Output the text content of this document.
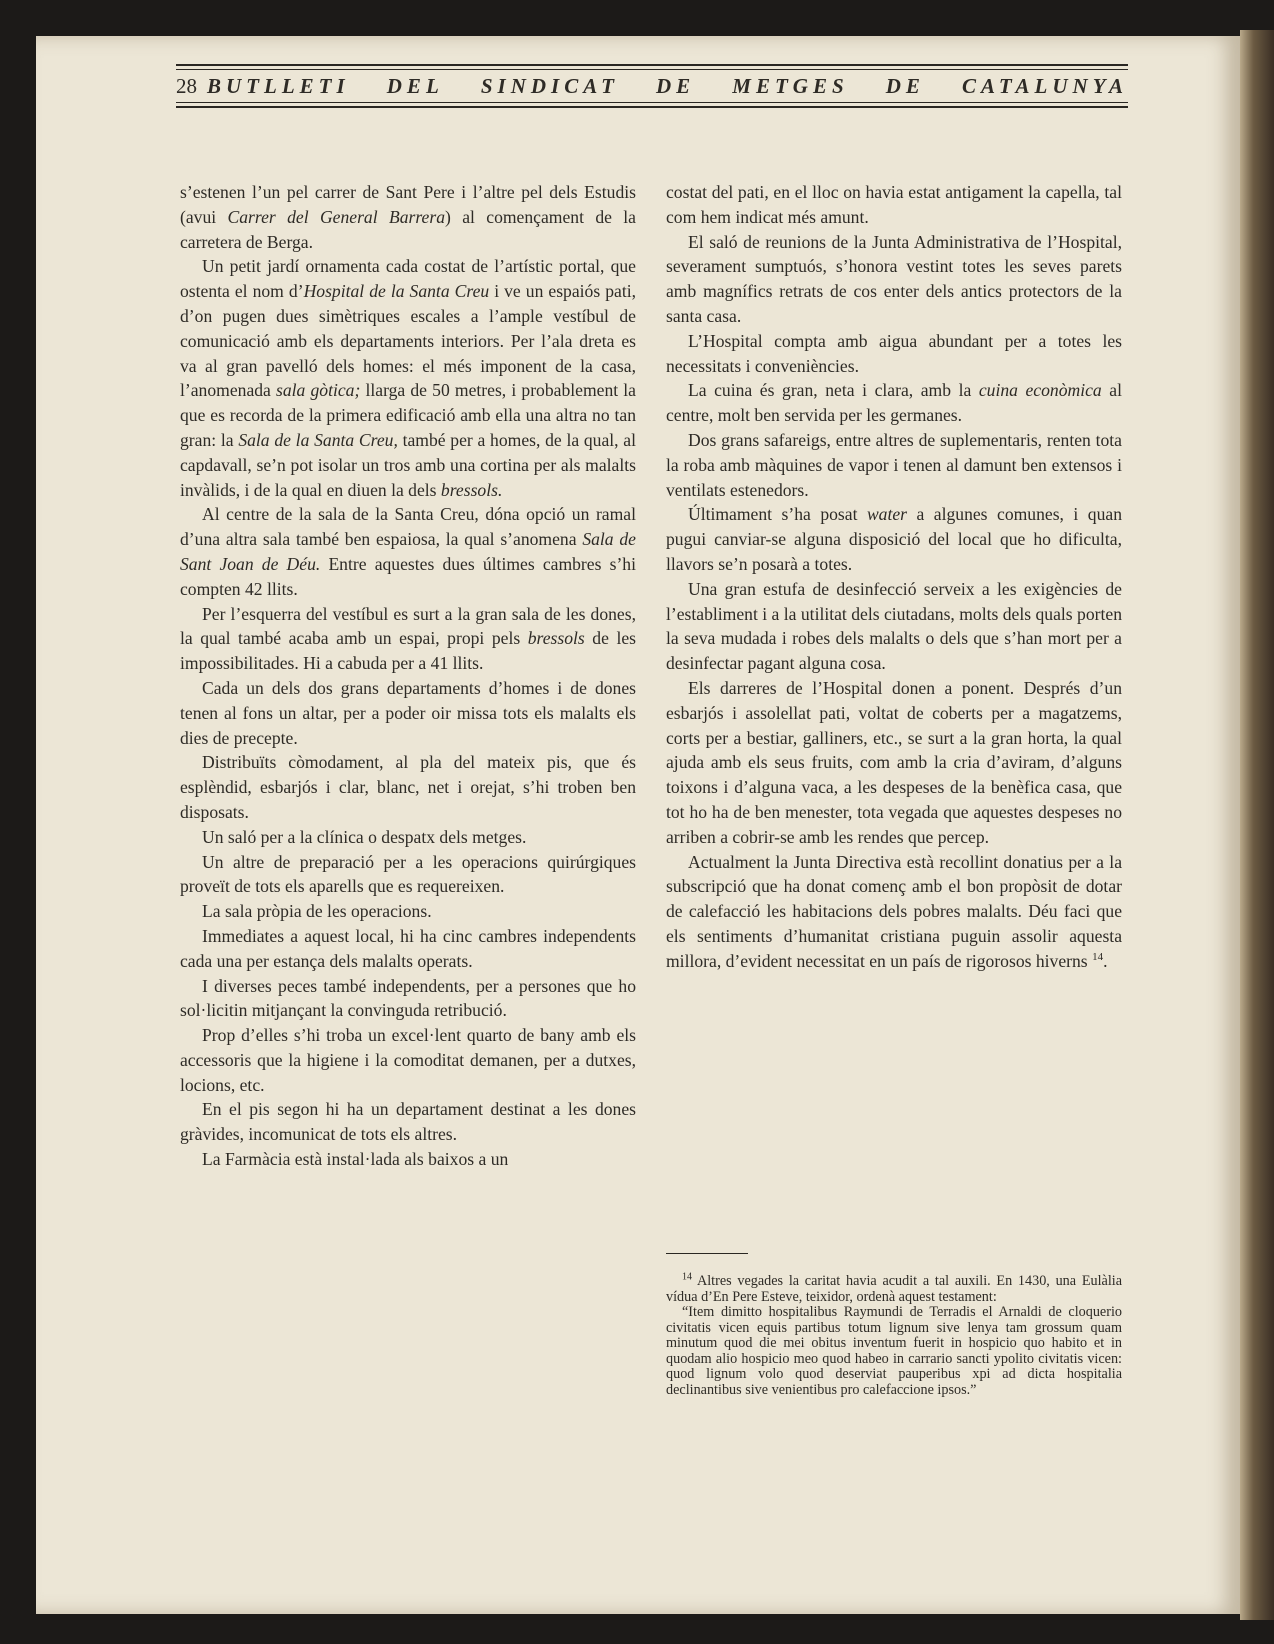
28 BUTLLETI DEL SINDICAT DE METGES DE CATALUNYA

s’estenen l’un pel carrer de Sant Pere i l’altre pel dels Estudis (avui Carrer del General Barrera) al començament de la carretera de Berga.

Un petit jardí ornamenta cada costat de l’artístic portal, que ostenta el nom d’Hospital de la Santa Creu i ve un espaiós pati, d’on pugen dues simètriques escales a l’ample vestíbul de comunicació amb els departaments interiors. Per l’ala dreta es va al gran pavelló dels homes: el més imponent de la casa, l’anomenada sala gòtica; llarga de 50 metres, i probablement la que es recorda de la primera edificació amb ella una altra no tan gran: la Sala de la Santa Creu, també per a homes, de la qual, al capdavall, se’n pot isolar un tros amb una cortina per als malalts invàlids, i de la qual en diuen la dels bressols.

Al centre de la sala de la Santa Creu, dóna opció un ramal d’una altra sala també ben espaiosa, la qual s’anomena Sala de Sant Joan de Déu. Entre aquestes dues últimes cambres s’hi compten 42 llits.

Per l’esquerra del vestíbul es surt a la gran sala de les dones, la qual també acaba amb un espai, propi pels bressols de les impossibilitades. Hi a cabuda per a 41 llits.

Cada un dels dos grans departaments d’homes i de dones tenen al fons un altar, per a poder oir missa tots els malalts els dies de precepte.

Distribuïts còmodament, al pla del mateix pis, que és esplèndid, esbarjós i clar, blanc, net i orejat, s’hi troben ben disposats.

Un saló per a la clínica o despatx dels metges.

Un altre de preparació per a les operacions quirúrgiques proveït de tots els aparells que es requereixen.

La sala pròpia de les operacions.

Immediates a aquest local, hi ha cinc cambres independents cada una per estança dels malalts operats.

I diverses peces també independents, per a persones que ho sol·licitin mitjançant la convinguda retribució.

Prop d’elles s’hi troba un excel·lent quarto de bany amb els accessoris que la higiene i la comoditat demanen, per a dutxes, locions, etc.

En el pis segon hi ha un departament destinat a les dones gràvides, incomunicat de tots els altres.

La Farmàcia està instal·lada als baixos a un

costat del pati, en el lloc on havia estat antigament la capella, tal com hem indicat més amunt.

El saló de reunions de la Junta Administrativa de l’Hospital, severament sumptuós, s’honora vestint totes les seves parets amb magnífics retrats de cos enter dels antics protectors de la santa casa.

L’Hospital compta amb aigua abundant per a totes les necessitats i conveniències.

La cuina és gran, neta i clara, amb la cuina econòmica al centre, molt ben servida per les germanes.

Dos grans safareigs, entre altres de suplementaris, renten tota la roba amb màquines de vapor i tenen al damunt ben extensos i ventilats estenedors.

Últimament s’ha posat water a algunes comunes, i quan pugui canviar-se alguna disposició del local que ho dificulta, llavors se’n posarà a totes.

Una gran estufa de desinfecció serveix a les exigències de l’establiment i a la utilitat dels ciutadans, molts dels quals porten la seva mudada i robes dels malalts o dels que s’han mort per a desinfectar pagant alguna cosa.

Els darreres de l’Hospital donen a ponent. Després d’un esbarjós i assolellat pati, voltat de coberts per a magatzems, corts per a bestiar, galliners, etc., se surt a la gran horta, la qual ajuda amb els seus fruits, com amb la cria d’aviram, d’alguns toixons i d’alguna vaca, a les despeses de la benèfica casa, que tot ho ha de ben menester, tota vegada que aquestes despeses no arriben a cobrir-se amb les rendes que percep.

Actualment la Junta Directiva està recollint donatius per a la subscripció que ha donat començ amb el bon propòsit de dotar de calefacció les habitacions dels pobres malalts. Déu faci que els sentiments d’humanitat cristiana puguin assolir aquesta millora, d’evident necessitat en un país de rigorosos hiverns $^{14}$.

$^{14}$ Altres vegades la caritat havia acudit a tal auxili. En 1430, una Eulàlia vídua d’En Pere Esteve, teixidor, ordenà aquest testament:

“Item dimitto hospitalibus Raymundi de Terradis el Arnaldi de cloquerio civitatis vicen equis partibus totum lignum sive lenya tam grossum quam minutum quod die mei obitus inventum fuerit in hospicio quo habito et in quodam alio hospicio meo quod habeo in carrario sancti ypolito civitatis vicen: quod lignum volo quod deserviat pauperibus xpi ad dicta hospitalia declinantibus sive venientibus pro calefaccione ipsos.”
